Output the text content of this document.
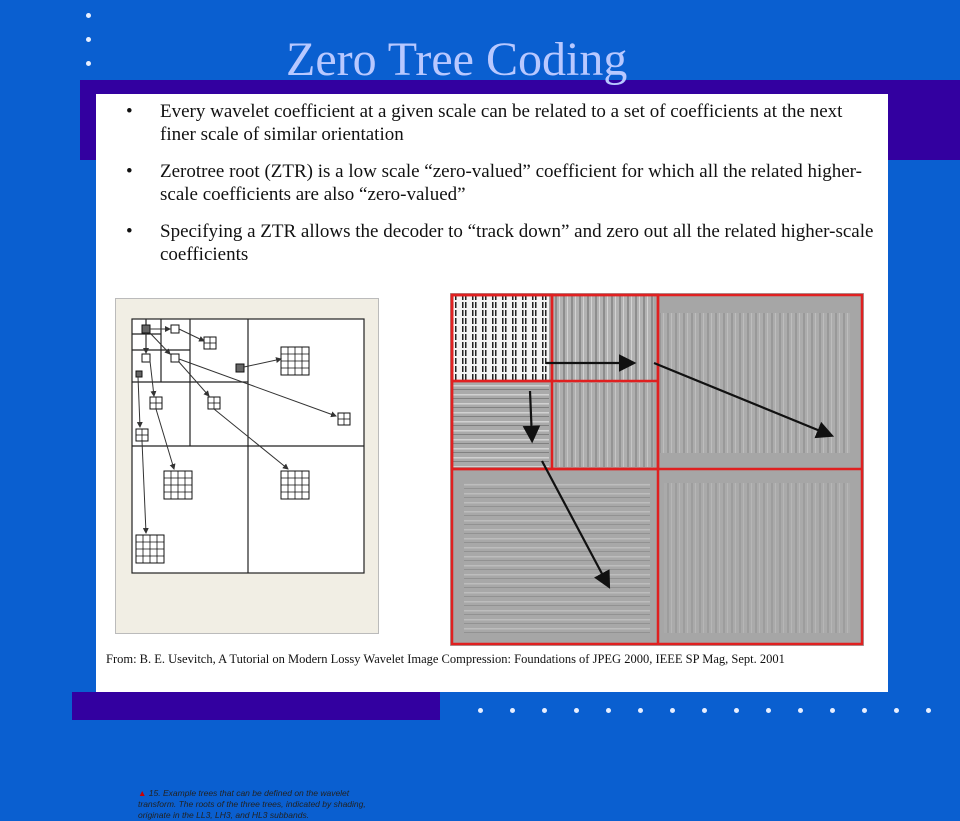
Zero Tree Coding
• Every wavelet coefficient at a given scale can be related to a set of coefficients at the next finer scale of similar orientation
• Zerotree root (ZTR) is a low scale “zero-valued” coefficient for which all the related higher-scale coefficients are also “zero-valued”
• Specifying a ZTR allows the decoder to “track down” and zero out all the related higher-scale coefficients
▲ 15. Example trees that can be defined on the wavelet transform. The roots of the three trees, indicated by shading, originate in the LL3, LH3, and HL3 subbands.
From: B. E. Usevitch, A Tutorial on Modern Lossy Wavelet Image Compression: Foundations of JPEG 2000, IEEE SP Mag, Sept. 2001
